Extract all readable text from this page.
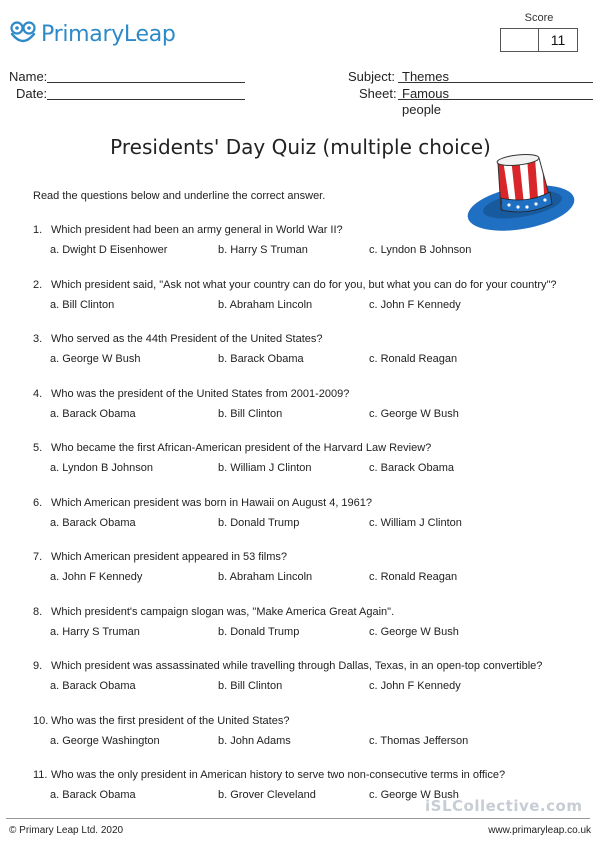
PrimaryLeap
Score
11
Name:
Date:
Subject: Themes
Sheet: Famous people
Presidents' Day Quiz (multiple choice)
Read the questions below and underline the correct answer.
1. Which president had been an army general in World War II?
a. Dwight D Eisenhower	b. Harry S Truman	c. Lyndon B Johnson
2. Which president said, "Ask not what your country can do for you, but what you can do for your country"?
a. Bill Clinton	b. Abraham Lincoln	c. John F Kennedy
3. Who served as the 44th President of the United States?
a. George W Bush	b. Barack Obama	c. Ronald Reagan
4. Who was the president of the United States from 2001-2009?
a. Barack Obama	b. Bill Clinton	c. George W Bush
5. Who became the first African-American president of the Harvard Law Review?
a. Lyndon B Johnson	b. William J Clinton	c. Barack Obama
6. Which American president was born in Hawaii on August 4, 1961?
a. Barack Obama	b. Donald Trump	c. William J Clinton
7. Which American president appeared in 53 films?
a. John F Kennedy	b. Abraham Lincoln	c. Ronald Reagan
8. Which president's campaign slogan was, "Make America Great Again".
a. Harry S Truman	b. Donald Trump	c. George W Bush
9. Which president was assassinated while travelling through Dallas, Texas, in an open-top convertible?
a. Barack Obama	b. Bill Clinton	c. John F Kennedy
10. Who was the first president of the United States?
a. George Washington	b. John Adams	c. Thomas Jefferson
11. Who was the only president in American history to serve two non-consecutive terms in office?
a. Barack Obama	b. Grover Cleveland	c. George W Bush
iSLCollective.com
© Primary Leap Ltd. 2020	www.primaryleap.co.uk
